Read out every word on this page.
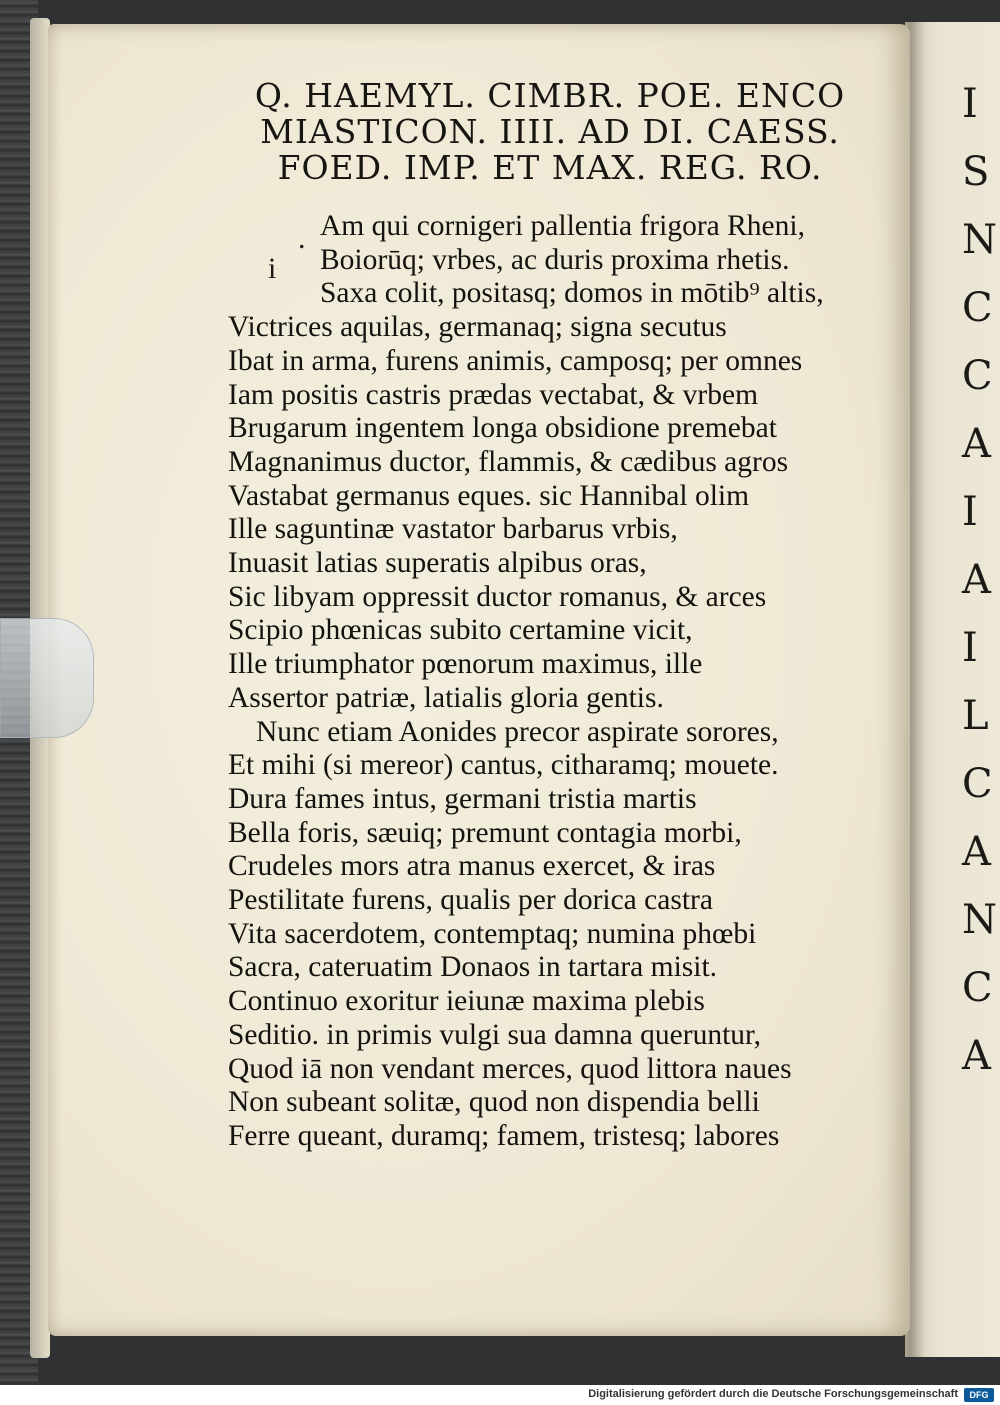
I
S
N
C
C
A
I
A
I
L
C
A
N
C
A
Q. HAEMYL. CIMBR. POE. ENCO
MIASTICON. IIII. AD DI. CAESS.
FOED. IMP. ET MAX. REG. RO.
.
i
Am qui cornigeri pallentia frigora Rheni,
Boiorūq; vrbes, ac duris proxima rhetis.
Saxa colit, positasq; domos in mōtib⁹ altis,
Victrices aquilas, germanaq; signa secutus
Ibat in arma, furens animis, camposq; per omnes
Iam positis castris prædas vectabat, & vrbem
Brugarum ingentem longa obsidione premebat
Magnanimus ductor, flammis, & cædibus agros
Vastabat germanus eques. sic Hannibal olim
Ille saguntinæ vastator barbarus vrbis,
Inuasit latias superatis alpibus oras,
Sic libyam oppressit ductor romanus, & arces
Scipio phœnicas subito certamine vicit,
Ille triumphator pœnorum maximus, ille
Assertor patriæ, latialis gloria gentis.
Nunc etiam Aonides precor aspirate sorores,
Et mihi (si mereor) cantus, citharamq; mouete.
Dura fames intus, germani tristia martis
Bella foris, sæuiq; premunt contagia morbi,
Crudeles mors atra manus exercet, & iras
Pestilitate furens, qualis per dorica castra
Vita sacerdotem, contemptaq; numina phœbi
Sacra, cateruatim Donaos in tartara misit.
Continuo exoritur ieiunæ maxima plebis
Seditio. in primis vulgi sua damna queruntur,
Quod iā non vendant merces, quod littora naues
Non subeant solitæ, quod non dispendia belli
Ferre queant, duramq; famem, tristesq; labores
Digitalisierung gefördert durch die Deutsche Forschungsgemeinschaft	DFG
